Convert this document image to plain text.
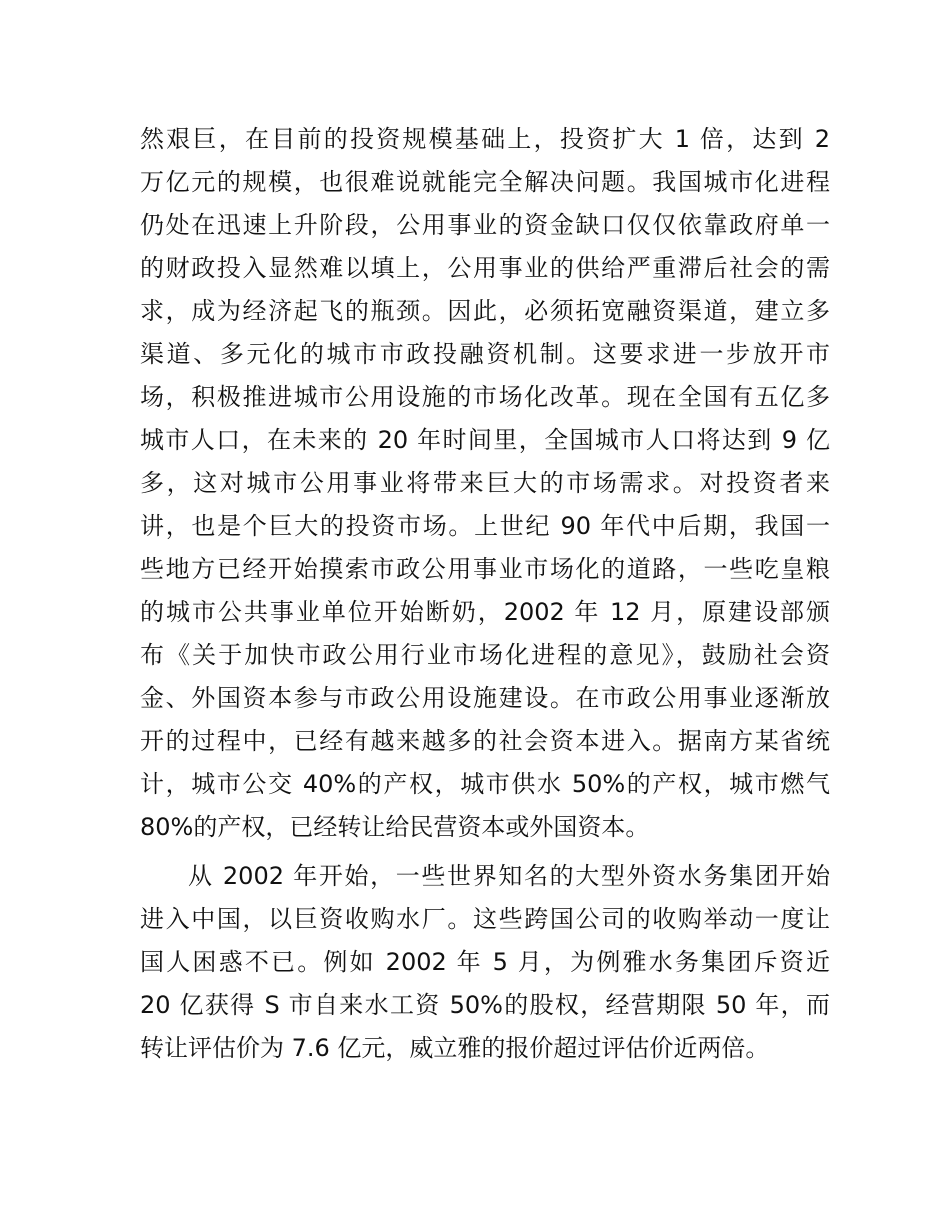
然艰巨，在目前的投资规模基础上，投资扩大 1 倍，达到 2
万亿元的规模，也很难说就能完全解决问题。我国城市化进程
仍处在迅速上升阶段，公用事业的资金缺口仅仅依靠政府单一
的财政投入显然难以填上，公用事业的供给严重滞后社会的需
求，成为经济起飞的瓶颈。因此，必须拓宽融资渠道，建立多
渠道、多元化的城市市政投融资机制。这要求进一步放开市
场，积极推进城市公用设施的市场化改革。现在全国有五亿多
城市人口，在未来的 20 年时间里，全国城市人口将达到 9 亿
多，这对城市公用事业将带来巨大的市场需求。对投资者来
讲，也是个巨大的投资市场。上世纪 90 年代中后期，我国一
些地方已经开始摸索市政公用事业市场化的道路，一些吃皇粮
的城市公共事业单位开始断奶，2002 年 12 月，原建设部颁
布《关于加快市政公用行业市场化进程的意见》，鼓励社会资
金、外国资本参与市政公用设施建设。在市政公用事业逐渐放
开的过程中，已经有越来越多的社会资本进入。据南方某省统
计，城市公交 40%的产权，城市供水 50%的产权，城市燃气
80%的产权，已经转让给民营资本或外国资本。
从 2002 年开始，一些世界知名的大型外资水务集团开始
进入中国，以巨资收购水厂。这些跨国公司的收购举动一度让
国人困惑不已。例如 2002 年 5 月，为例雅水务集团斥资近
20 亿获得 S 市自来水工资 50%的股权，经营期限 50 年，而
转让评估价为 7.6 亿元，威立雅的报价超过评估价近两倍。
